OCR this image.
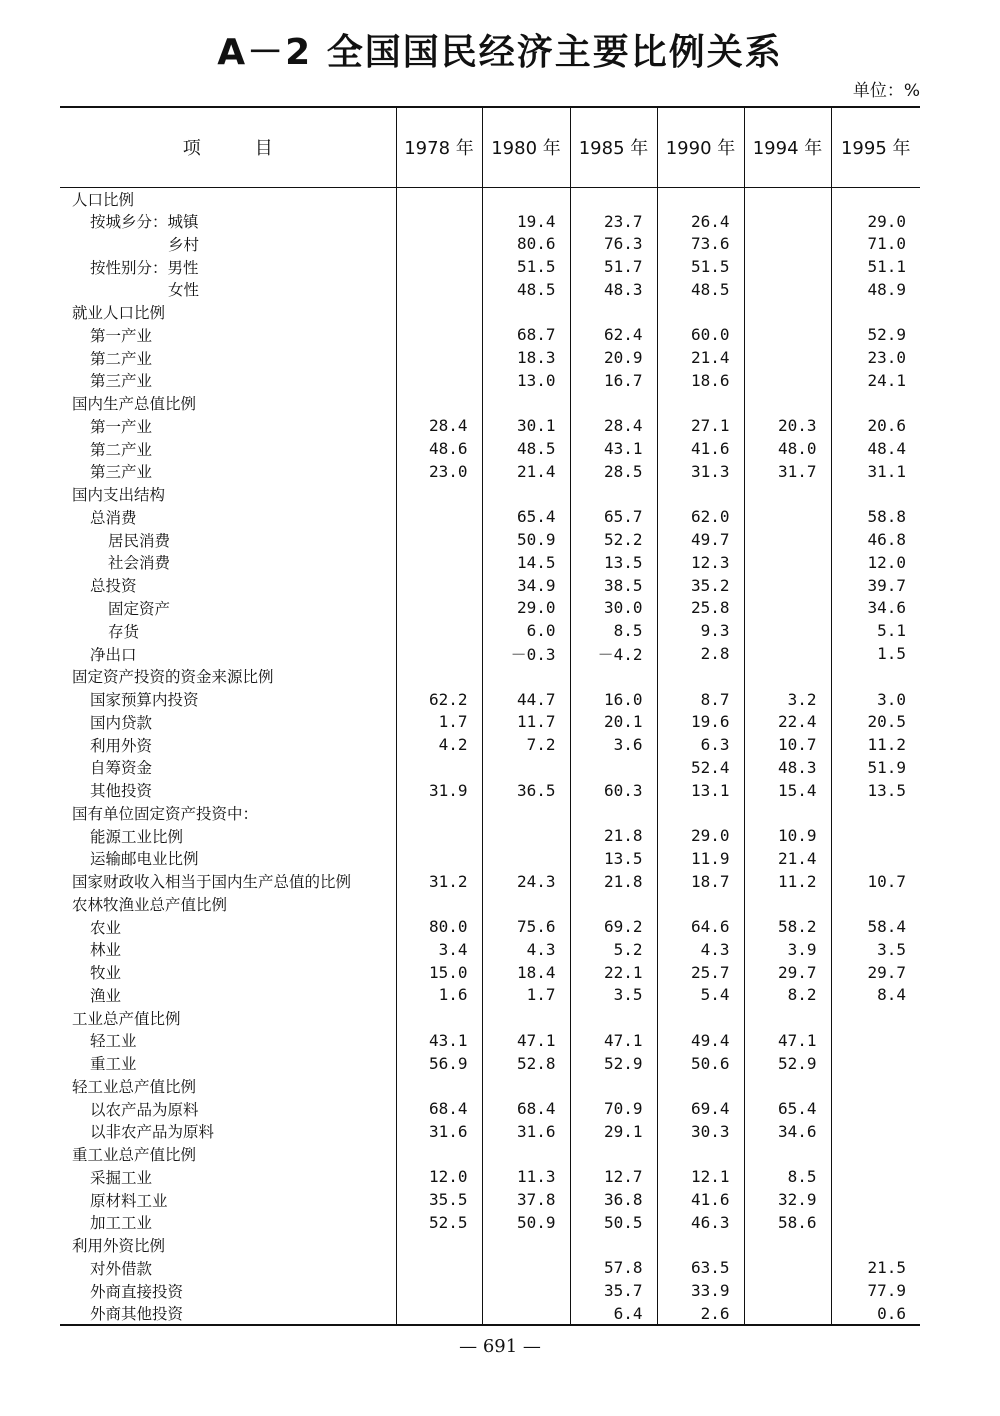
A－2 全国国民经济主要比例关系
单位：%
项　　　目	1978 年	1980 年	1985 年	1990 年	1994 年	1995 年
人口比例						
按城乡分：城镇		19.4	23.7	26.4		29.0
乡村		80.6	76.3	73.6		71.0
按性别分：男性		51.5	51.7	51.5		51.1
女性		48.5	48.3	48.5		48.9
就业人口比例						
第一产业		68.7	62.4	60.0		52.9
第二产业		18.3	20.9	21.4		23.0
第三产业		13.0	16.7	18.6		24.1
国内生产总值比例						
第一产业	28.4	30.1	28.4	27.1	20.3	20.6
第二产业	48.6	48.5	43.1	41.6	48.0	48.4
第三产业	23.0	21.4	28.5	31.3	31.7	31.1
国内支出结构						
总消费		65.4	65.7	62.0		58.8
居民消费		50.9	52.2	49.7		46.8
社会消费		14.5	13.5	12.3		12.0
总投资		34.9	38.5	35.2		39.7
固定资产		29.0	30.0	25.8		34.6
存货		6.0	8.5	9.3		5.1
净出口		－0.3	－4.2	2.8		1.5
固定资产投资的资金来源比例						
国家预算内投资	62.2	44.7	16.0	8.7	3.2	3.0
国内贷款	1.7	11.7	20.1	19.6	22.4	20.5
利用外资	4.2	7.2	3.6	6.3	10.7	11.2
自筹资金				52.4	48.3	51.9
其他投资	31.9	36.5	60.3	13.1	15.4	13.5
国有单位固定资产投资中：						
能源工业比例			21.8	29.0	10.9	
运输邮电业比例			13.5	11.9	21.4	
国家财政收入相当于国内生产总值的比例	31.2	24.3	21.8	18.7	11.2	10.7
农林牧渔业总产值比例						
农业	80.0	75.6	69.2	64.6	58.2	58.4
林业	3.4	4.3	5.2	4.3	3.9	3.5
牧业	15.0	18.4	22.1	25.7	29.7	29.7
渔业	1.6	1.7	3.5	5.4	8.2	8.4
工业总产值比例						
轻工业	43.1	47.1	47.1	49.4	47.1	
重工业	56.9	52.8	52.9	50.6	52.9	
轻工业总产值比例						
以农产品为原料	68.4	68.4	70.9	69.4	65.4	
以非农产品为原料	31.6	31.6	29.1	30.3	34.6	
重工业总产值比例						
采掘工业	12.0	11.3	12.7	12.1	8.5	
原材料工业	35.5	37.8	36.8	41.6	32.9	
加工工业	52.5	50.9	50.5	46.3	58.6	
利用外资比例						
对外借款			57.8	63.5		21.5
外商直接投资			35.7	33.9		77.9
外商其他投资			6.4	2.6		0.6
— 691 —
